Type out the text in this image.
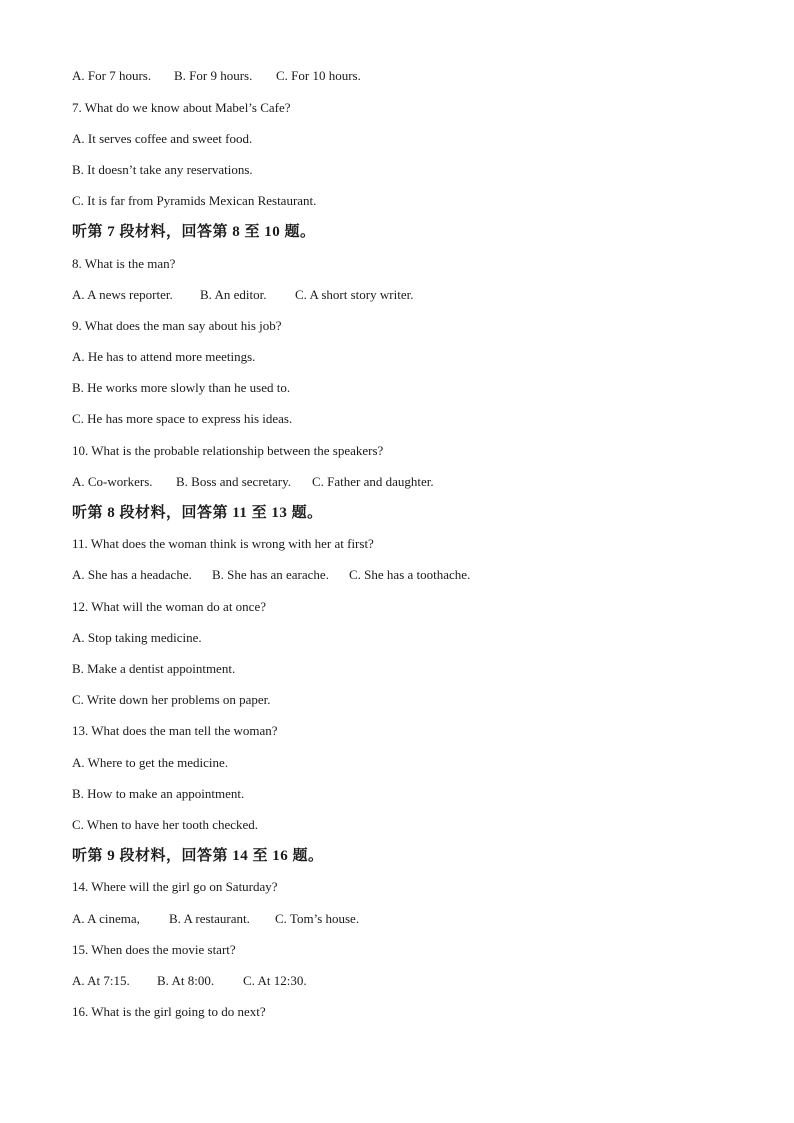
A. For 7 hours.	B. For 9 hours.	C. For 10 hours.
7. What do we know about Mabel’s Cafe?
A. It serves coffee and sweet food.
B. It doesn’t take any reservations.
C. It is far from Pyramids Mexican Restaurant.
听第 7 段材料，回答第 8 至 10 题。
8. What is the man?
A. A news reporter.	B. An editor.	C. A short story writer.
9. What does the man say about his job?
A. He has to attend more meetings.
B. He works more slowly than he used to.
C. He has more space to express his ideas.
10. What is the probable relationship between the speakers?
A. Co-workers.	B. Boss and secretary.	C. Father and daughter.
听第 8 段材料，回答第 11 至 13 题。
11. What does the woman think is wrong with her at first?
A. She has a headache.	B. She has an earache.	C. She has a toothache.
12. What will the woman do at once?
A. Stop taking medicine.
B. Make a dentist appointment.
C. Write down her problems on paper.
13. What does the man tell the woman?
A. Where to get the medicine.
B. How to make an appointment.
C. When to have her tooth checked.
听第 9 段材料，回答第 14 至 16 题。
14. Where will the girl go on Saturday?
A. A cinema,	B. A restaurant.	C. Tom’s house.
15. When does the movie start?
A. At 7:15.	B. At 8:00.	C. At 12:30.
16. What is the girl going to do next?
